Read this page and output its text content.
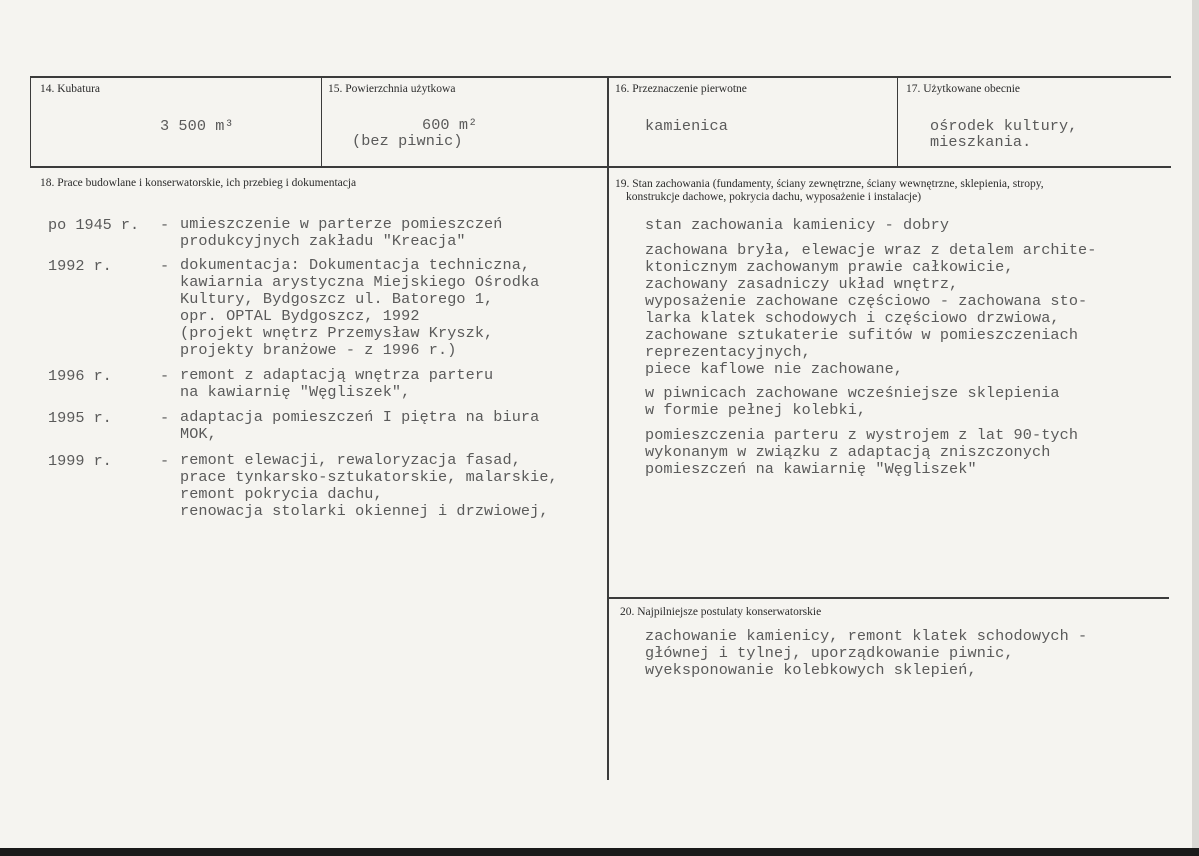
14. Kubatura
3 500 m³
15. Powierzchnia użytkowa
600 m²
(bez piwnic)
16. Przeznaczenie pierwotne
kamienica
17. Użytkowane obecnie
ośrodek kultury,
mieszkania.
18. Prace budowlane i konserwatorskie, ich przebieg i dokumentacja
po 1945 r. - umieszczenie w parterze pomieszczeń
produkcyjnych zakładu "Kreacja"
1992 r.	- dokumentacja: Dokumentacja techniczna,
kawiarnia arystyczna Miejskiego Ośrodka
Kultury, Bydgoszcz ul. Batorego 1,
opr. OPTAL Bydgoszcz, 1992
(projekt wnętrz Przemysław Kryszk,
projekty branżowe - z 1996 r.)
1996 r.	- remont z adaptacją wnętrza parteru
na kawiarnię "Węgliszek",
1995 r.	- adaptacja pomieszczeń I piętra na biura
MOK,
1999 r.	- remont elewacji, rewaloryzacja fasad,
prace tynkarsko-sztukatorskie, malarskie,
remont pokrycia dachu,
renowacja stolarki okiennej i drzwiowej,
19. Stan zachowania (fundamenty, ściany zewnętrzne, ściany wewnętrzne, sklepienia, stropy,
konstrukcje dachowe, pokrycia dachu, wyposażenie i instalacje)
stan zachowania kamienicy - dobry
zachowana bryła, elewacje wraz z detalem archite-
ktonicznym zachowanym prawie całkowicie,
zachowany zasadniczy układ wnętrz,
wyposażenie zachowane częściowo - zachowana sto-
larka klatek schodowych i częściowo drzwiowa,
zachowane sztukaterie sufitów w pomieszczeniach
reprezentacyjnych,
piece kaflowe nie zachowane,
w piwnicach zachowane wcześniejsze sklepienia
w formie pełnej kolebki,
pomieszczenia parteru z wystrojem z lat 90-tych
wykonanym w związku z adaptacją zniszczonych
pomieszczeń na kawiarnię "Węgliszek"
20. Najpilniejsze postulaty konserwatorskie
zachowanie kamienicy, remont klatek schodowych -
głównej i tylnej, uporządkowanie piwnic,
wyeksponowanie kolebkowych sklepień,
